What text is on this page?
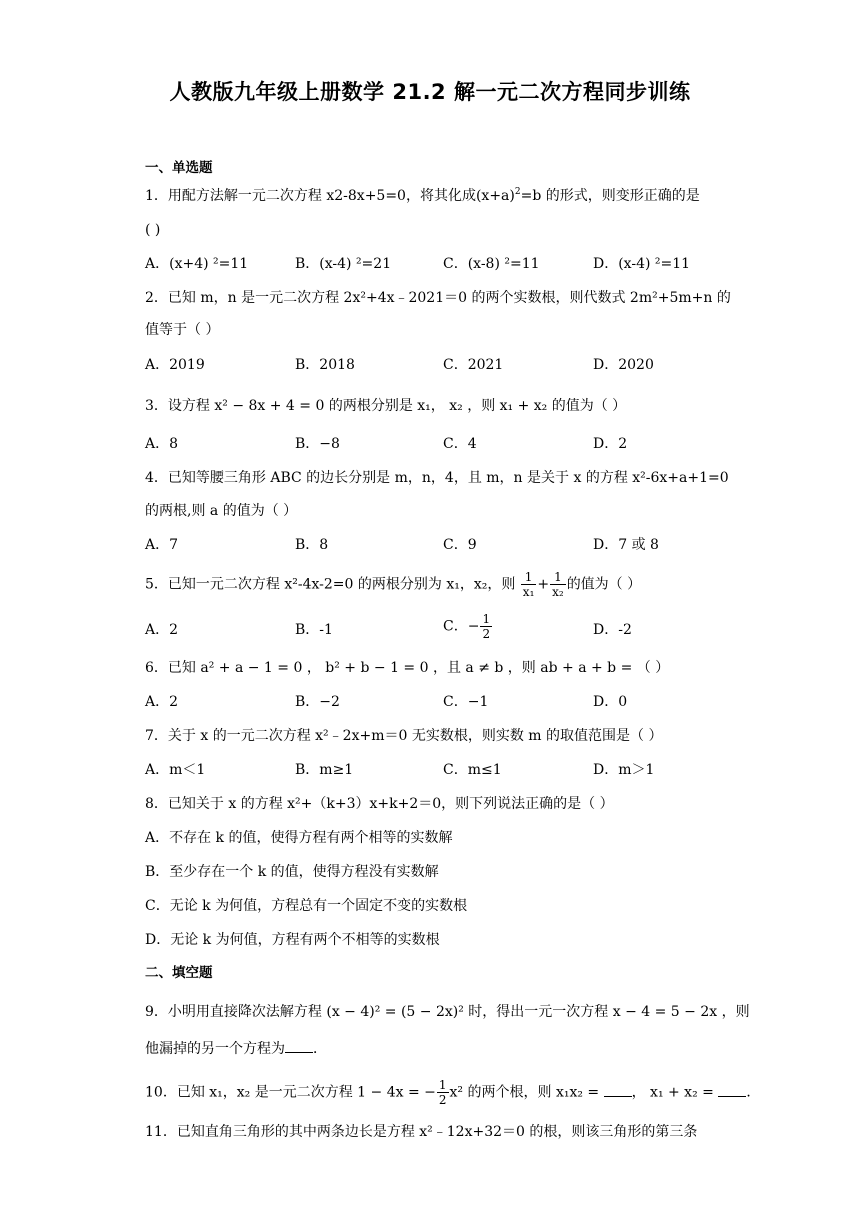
人教版九年级上册数学 21.2 解一元二次方程同步训练
一、单选题
1．用配方法解一元二次方程 x2-8x+5=0，将其化成$(x+a)^2=b$ 的形式，则变形正确的是
( )
A．(x+4) ²=11	B．(x-4) ²=21	C．(x-8) ²=11	D．(x-4) ²=11
2．已知 m，n 是一元二次方程 2x²+4x﹣2021＝0 的两个实数根，则代数式 2m²+5m+n 的
值等于（ ）
A．2019	B．2018	C．2021	D．2020
3．设方程 x² − 8x + 4 = 0 的两根分别是 x₁， x₂ ，则 x₁ + x₂ 的值为（ ）
A．8	B．−8	C．4	D．2
4．已知等腰三角形 ABC 的边长分别是 m，n，4，且 m，n 是关于 x 的方程 x²-6x+a+1=0
的两根,则 a 的值为（ ）
A．7	B．8	C．9	D．7 或 8
5．已知一元二次方程 x²-4x-2=0 的两根分别为 x₁，x₂，则 $\frac{1}{\text{x₁}} + \frac{1}{\text{x₂}}$ 的值为（ ）
A．2	B．-1	C．− $\frac{1}{2}$	D．-2
6．已知 a² + a − 1 = 0 ， b² + b − 1 = 0 ，且 a ≠ b ，则 ab + a + b = （ ）
A．2	B．−2	C．−1	D．0
7．关于 x 的一元二次方程 x²﹣2x+m＝0 无实数根，则实数 m 的取值范围是（ ）
A．m＜1	B．m≥1	C．m≤1	D．m＞1
8．已知关于 x 的方程 x²+（k+3）x+k+2＝0，则下列说法正确的是（ ）
A．不存在 k 的值，使得方程有两个相等的实数解
B．至少存在一个 k 的值，使得方程没有实数解
C．无论 k 为何值，方程总有一个固定不变的实数根
D．无论 k 为何值，方程有两个不相等的实数根
二、填空题
9．小明用直接降次法解方程 (x − 4)² = (5 − 2x)² 时，得出一元一次方程 x − 4 = 5 − 2x ，则
他漏掉的另一个方程为 ．
10．已知 x₁，x₂ 是一元二次方程 1 − 4x = − $\frac{1}{2} x^2$ 的两个根，则 x₁x₂ = ， x₁ + x₂ = ．
11．已知直角三角形的其中两条边长是方程 x²﹣12x+32＝0 的根，则该三角形的第三条
